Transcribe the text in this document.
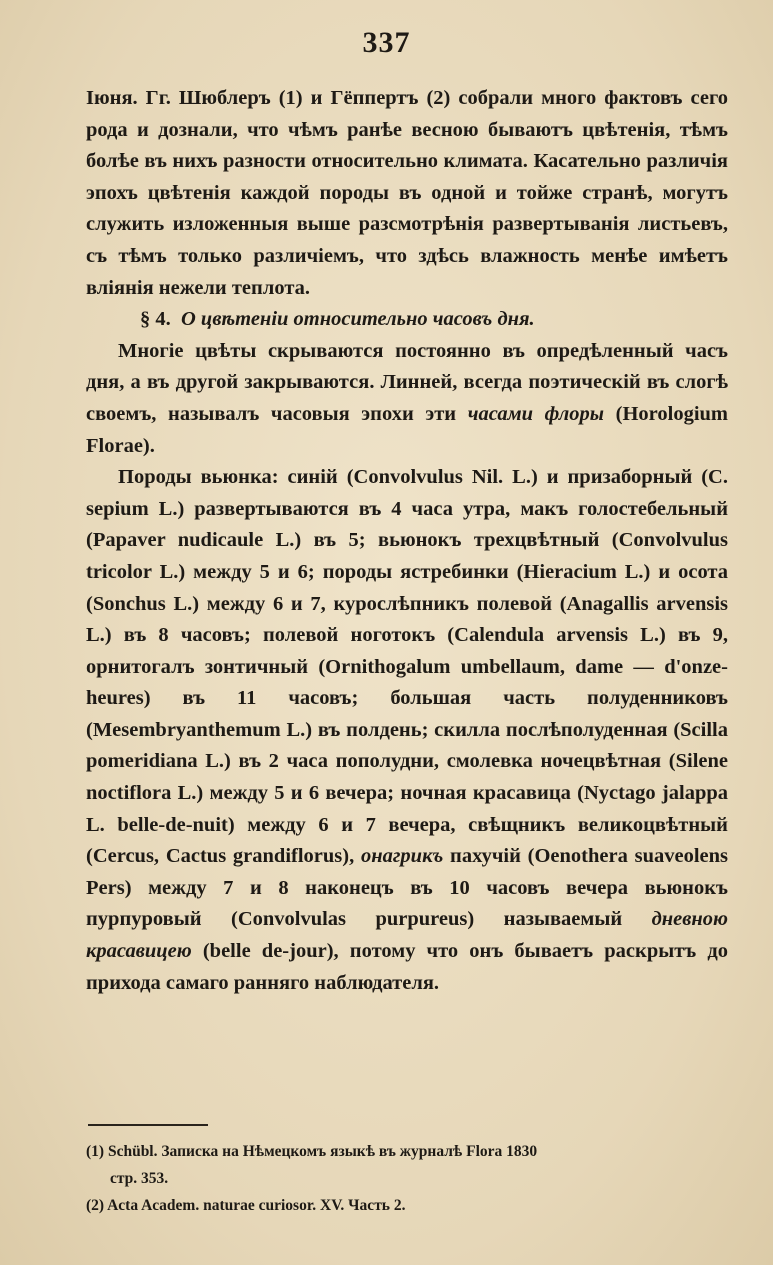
337

Іюня. Гг. Шюблеръ (1) и Гёппертъ (2) собрали много фактовъ сего рода и дознали, что чѣмъ ранѣе весною бываютъ цвѣтенія, тѣмъ болѣе въ нихъ разности относительно климата. Касательно различія эпохъ цвѣтенія каждой породы въ одной и тойже странѣ, могутъ служить изложенныя выше разсмотрѣнія развертыванія листьевъ, съ тѣмъ только различіемъ, что здѣсь влажность менѣе имѣетъ вліянія нежели теплота.

§ 4. О цвѣтеніи относительно часовъ дня.

Многіе цвѣты скрываются постоянно въ опредѣленный часъ дня, а въ другой закрываются. Линней, всегда поэтическій въ слогѣ своемъ, называлъ часовыя эпохи эти часами флоры (Horologium Florae).

Породы вьюнка: синій (Convolvulus Nil. L.) и призаборный (C. sepium L.) развертываются въ 4 часа утра, макъ голостебельный (Papaver nudicaule L.) въ 5; вьюнокъ трехцвѣтный (Convolvulus tricolor L.) между 5 и 6; породы ястребинки (Hieracium L.) и осота (Sonchus L.) между 6 и 7, курослѣпникъ полевой (Anagallis arvensis L.) въ 8 часовъ; полевой ноготокъ (Calendula arvensis L.) въ 9, орнитогалъ зонтичный (Ornithogalum umbellaum, dame — d'onze-heures) въ 11 часовъ; большая часть полуденниковъ (Mesembryanthemum L.) въ полдень; скилла послѣполуденная (Scilla pomeridiana L.) въ 2 часа пополудни, смолевка ночецвѣтная (Silene noctiflora L.) между 5 и 6 вечера; ночная красавица (Nyctago jalappa L. belle-de-nuit) между 6 и 7 вечера, свѣщникъ великоцвѣтный (Cercus, Cactus grandiflorus), онагрикъ пахучій (Oenothera suaveolens Pers) между 7 и 8 наконецъ въ 10 часовъ вечера вьюнокъ пурпуровый (Convolvulas purpureus) называемый дневною красавицею (belle de-jour), потому что онъ бываетъ раскрытъ до прихода самаго ранняго наблюдателя.

(1) Schübl. Записка на Нѣмецкомъ языкѣ въ журналѣ Flora 1830

стр. 353.

(2) Acta Academ. naturae curiosor. XV. Часть 2.
